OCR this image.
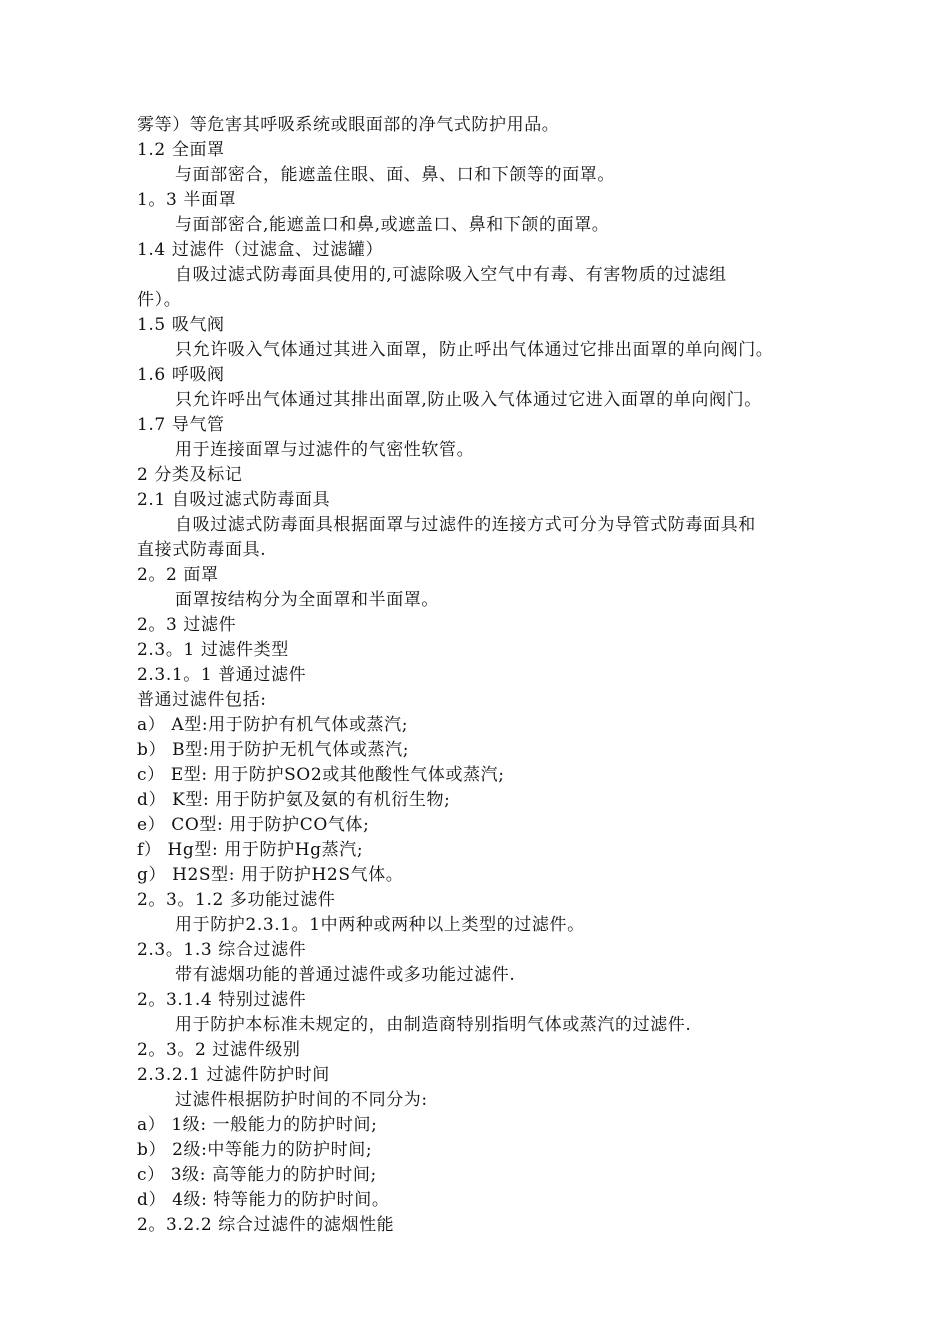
雾等）等危害其呼吸系统或眼面部的净气式防护用品。
1.2 全面罩
与面部密合，能遮盖住眼、面、鼻、口和下颌等的面罩。
1。3 半面罩
与面部密合,能遮盖口和鼻,或遮盖口、鼻和下颌的面罩。
1.4 过滤件（过滤盒、过滤罐）
自吸过滤式防毒面具使用的,可滤除吸入空气中有毒、有害物质的过滤组
件）。
1.5 吸气阀
只允许吸入气体通过其进入面罩，防止呼出气体通过它排出面罩的单向阀门。
1.6 呼吸阀
只允许呼出气体通过其排出面罩,防止吸入气体通过它进入面罩的单向阀门。
1.7 导气管
用于连接面罩与过滤件的气密性软管。
2 分类及标记
2.1 自吸过滤式防毒面具
自吸过滤式防毒面具根据面罩与过滤件的连接方式可分为导管式防毒面具和
直接式防毒面具.
2。2 面罩
面罩按结构分为全面罩和半面罩。
2。3 过滤件
2.3。1 过滤件类型
2.3.1。1 普通过滤件
普通过滤件包括:
a） A型:用于防护有机气体或蒸汽;
b） B型:用于防护无机气体或蒸汽;
c） E型: 用于防护SO2或其他酸性气体或蒸汽;
d） K型: 用于防护氨及氨的有机衍生物;
e） CO型: 用于防护CO气体;
f） Hg型: 用于防护Hg蒸汽;
g） H2S型: 用于防护H2S气体。
2。3。1.2 多功能过滤件
用于防护2.3.1。1中两种或两种以上类型的过滤件。
2.3。1.3 综合过滤件
带有滤烟功能的普通过滤件或多功能过滤件.
2。3.1.4 特别过滤件
用于防护本标准未规定的，由制造商特别指明气体或蒸汽的过滤件.
2。3。2 过滤件级别
2.3.2.1 过滤件防护时间
过滤件根据防护时间的不同分为:
a） 1级: 一般能力的防护时间;
b） 2级:中等能力的防护时间;
c） 3级: 高等能力的防护时间;
d） 4级: 特等能力的防护时间。
2。3.2.2 综合过滤件的滤烟性能
